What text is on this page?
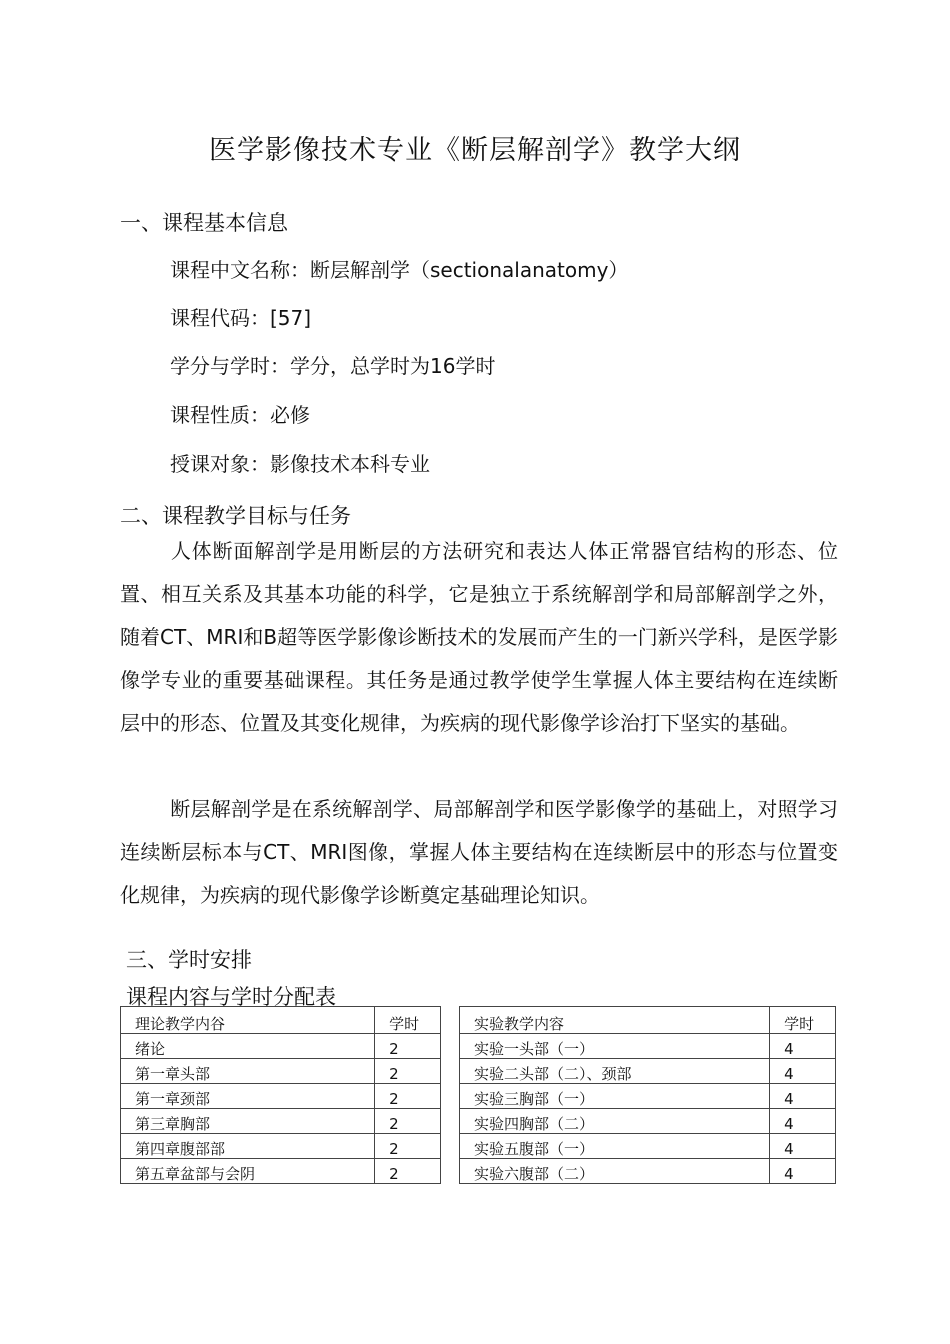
医学影像技术专业《断层解剖学》教学大纲
一、课程基本信息
课程中文名称：断层解剖学（sectionalanatomy）
课程代码：[57]
学分与学时：学分，总学时为16学时
课程性质：必修
授课对象：影像技术本科专业
二、课程教学目标与任务

人体断面解剖学是用断层的方法研究和表达人体正常器官结构的形态、位置、相互关系及其基本功能的科学，它是独立于系统解剖学和局部解剖学之外，随着CT、MRI和B超等医学影像诊断技术的发展而产生的一门新兴学科，是医学影像学专业的重要基础课程。其任务是通过教学使学生掌握人体主要结构在连续断层中的形态、位置及其变化规律，为疾病的现代影像学诊治打下坚实的基础。

断层解剖学是在系统解剖学、局部解剖学和医学影像学的基础上，对照学习连续断层标本与CT、MRI图像，掌握人体主要结构在连续断层中的形态与位置变化规律，为疾病的现代影像学诊断奠定基础理论知识。

三、学时安排
课程内容与学时分配表
理论教学内谷	学时
绪论	2
第一章头部	2
第一章颈部	2
第三章胸部	2
第四章腹部部	2
第五章盆部与会阴	2
实验教学内容	学时
实验一头部（一）	4
实验二头部（二）、颈部	4
实验三胸部（一）	4
实验四胸部（二）	4
实验五腹部（一）	4
实验六腹部（二）	4
